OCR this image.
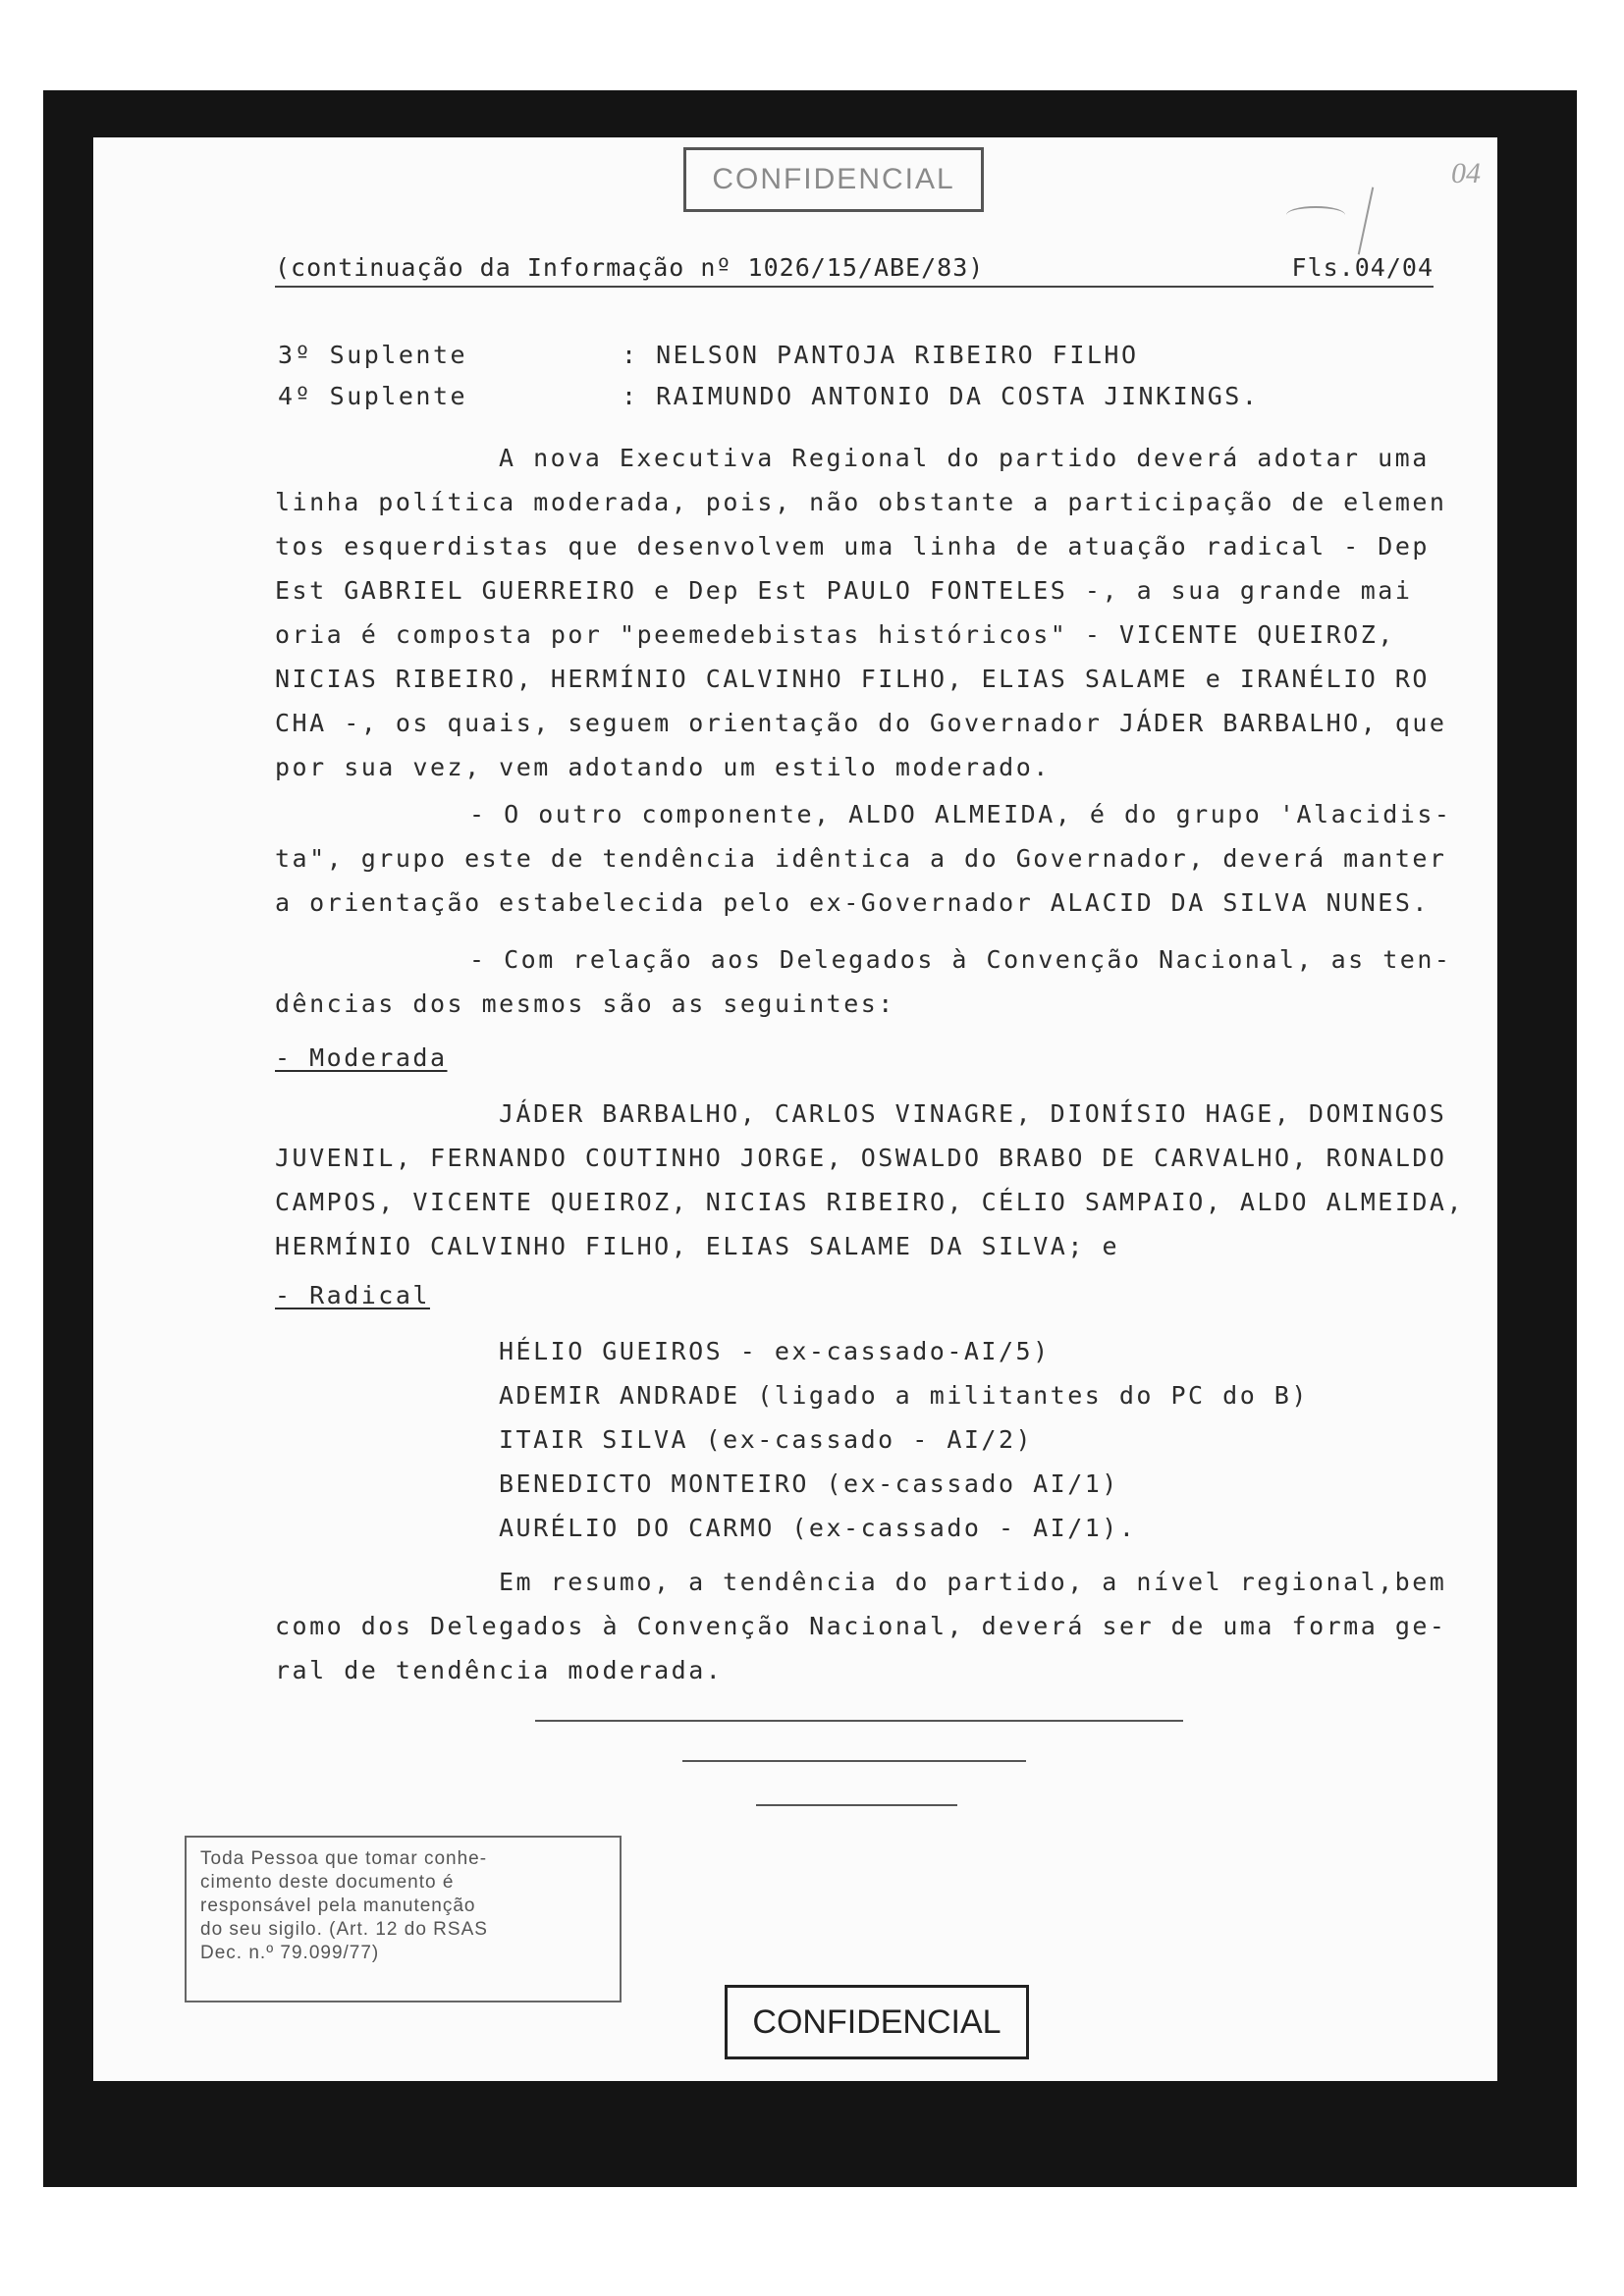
CONFIDENCIAL	04
(continuação da Informação nº 1026/15/ABE/83)	Fls.04/04
3º Suplente	: NELSON PANTOJA RIBEIRO FILHO
4º Suplente	: RAIMUNDO ANTONIO DA COSTA JINKINGS.
A nova Executiva Regional do partido deverá adotar uma
linha política moderada, pois, não obstante a participação de elemen
tos esquerdistas que desenvolvem uma linha de atuação radical - Dep
Est GABRIEL GUERREIRO e Dep Est PAULO FONTELES -, a sua grande mai
oria é composta por "peemedebistas históricos" - VICENTE QUEIROZ,
NICIAS RIBEIRO, HERMÍNIO CALVINHO FILHO, ELIAS SALAME e IRANÉLIO RO
CHA -, os quais, seguem orientação do Governador JÁDER BARBALHO, que
por sua vez, vem adotando um estilo moderado.
- O outro componente, ALDO ALMEIDA, é do grupo 'Alacidis-
ta", grupo este de tendência idêntica a do Governador, deverá manter
a orientação estabelecida pelo ex-Governador ALACID DA SILVA NUNES.
- Com relação aos Delegados à Convenção Nacional, as ten-
dências dos mesmos são as seguintes:
- Moderada
JÁDER BARBALHO, CARLOS VINAGRE, DIONÍSIO HAGE, DOMINGOS
JUVENIL, FERNANDO COUTINHO JORGE, OSWALDO BRABO DE CARVALHO, RONALDO
CAMPOS, VICENTE QUEIROZ, NICIAS RIBEIRO, CÉLIO SAMPAIO, ALDO ALMEIDA,
HERMÍNIO CALVINHO FILHO, ELIAS SALAME DA SILVA; e
- Radical
HÉLIO GUEIROS - ex-cassado-AI/5)
ADEMIR ANDRADE (ligado a militantes do PC do B)
ITAIR SILVA (ex-cassado - AI/2)
BENEDICTO MONTEIRO (ex-cassado AI/1)
AURÉLIO DO CARMO (ex-cassado - AI/1).
Em resumo, a tendência do partido, a nível regional,bem
como dos Delegados à Convenção Nacional, deverá ser de uma forma ge-
ral de tendência moderada.
Toda Pessoa que tomar conhe-
cimento deste documento é
responsável pela manutenção
do seu sigilo. (Art. 12 do RSAS
Dec. n.º 79.099/77)
CONFIDENCIAL
